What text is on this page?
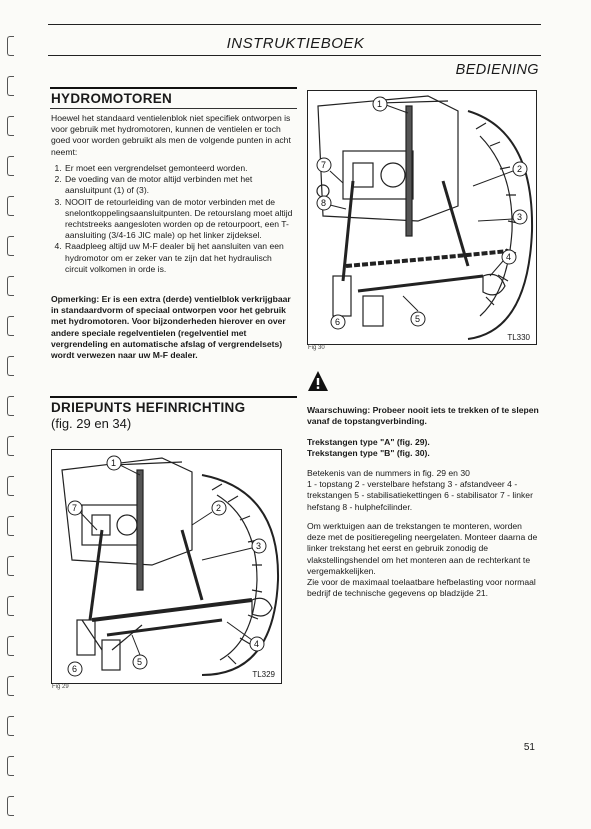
INSTRUKTIEBOEK
BEDIENING
HYDROMOTOREN
Hoewel het standaard ventielenblok niet specifiek ontworpen is voor gebruik met hydromotoren, kunnen de ventielen er toch goed voor worden gebruikt als men de volgende punten in acht neemt:
1. Er moet een vergrendelset gemonteerd worden.
2. De voeding van de motor altijd verbinden met het aansluitpunt (1) of (3).
3. NOOIT de retourleiding van de motor verbinden met de snelontkoppelingsaansluitpunten. De retourslang moet altijd rechtstreeks aangesloten worden op de retourpoort, een T-aansluiting (3/4-16 JIC male) op het linker zijdeksel.
4. Raadpleeg altijd uw M-F dealer bij het aansluiten van een hydromotor om er zeker van te zijn dat het hydraulisch circuit volkomen in orde is.
Opmerking: Er is een extra (derde) ventielblok verkrijgbaar in standaardvorm of speciaal ontworpen voor het gebruik met hydromotoren. Voor bijzonderheden hierover en over andere speciale regelventielen (regelventiel met vergrendeling en automatische afslag of vergrendelsets) wordt verwezen naar uw M-F dealer.
DRIEPUNTS HEFINRICHTING
(fig. 29 en 34)
1
2
3
4
5
6
7
TL329
Fig 29
1
2
3
4
5
6
7
8
TL330
Fig 30
Waarschuwing: Probeer nooit iets te trekken of te slepen vanaf de topstangverbinding.
Trekstangen type "A" (fig. 29).
Trekstangen type "B" (fig. 30).
Betekenis van de nummers in fig. 29 en 30
1 - topstang 2 - verstelbare hefstang 3 - afstandveer 4 - trekstangen 5 - stabilisatiekettingen 6 - stabilisator 7 - linker hefstang 8 - hulphefcilinder.
Om werktuigen aan de trekstangen te monteren, worden deze met de positieregeling neergelaten. Monteer daarna de linker trekstang het eerst en gebruik zonodig de vlakstellingshendel om het monteren aan de rechterkant te vergemakkelijken.
Zie voor de maximaal toelaatbare hefbelasting voor normaal bedrijf de technische gegevens op bladzijde 21.
51
